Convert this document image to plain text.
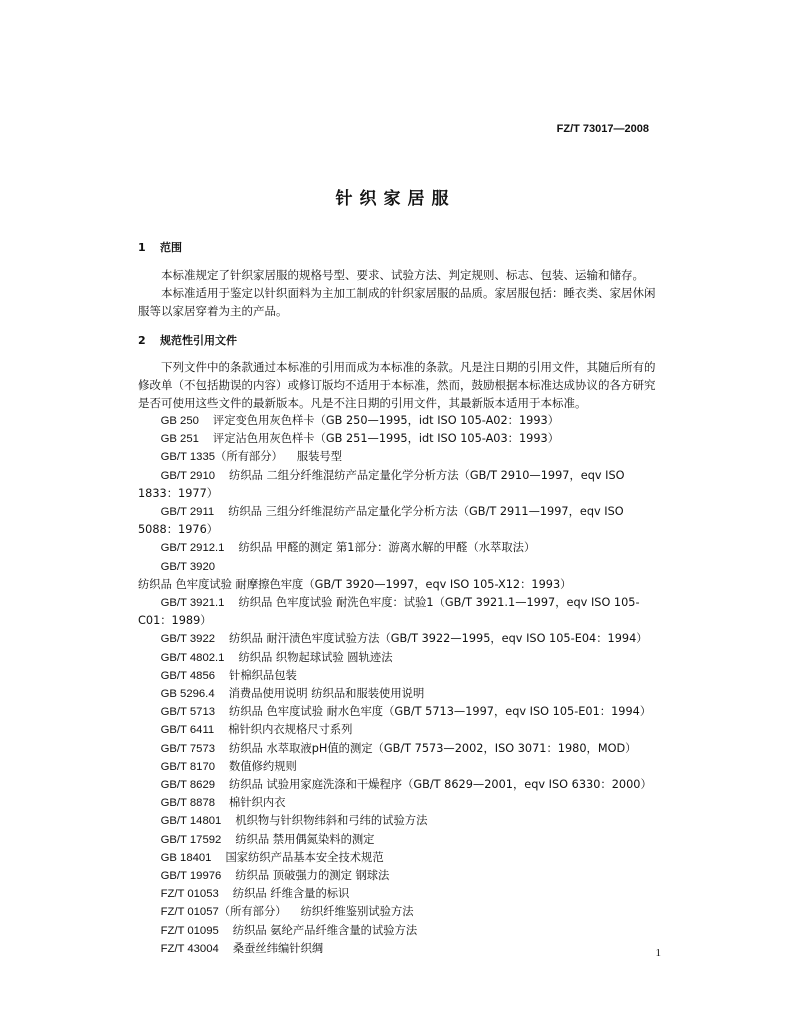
FZ/T 73017—2008
针织家居服
1 范围

本标准规定了针织家居服的规格号型、要求、试验方法、判定规则、标志、包装、运输和储存。

本标准适用于鉴定以针织面料为主加工制成的针织家居服的品质。家居服包括：睡衣类、家居休闲服等以家居穿着为主的产品。

2 规范性引用文件

下列文件中的条款通过本标准的引用而成为本标准的条款。凡是注日期的引用文件，其随后所有的修改单（不包括勘误的内容）或修订版均不适用于本标准，然而，鼓励根据本标准达成协议的各方研究是否可使用这些文件的最新版本。凡是不注日期的引用文件，其最新版本适用于本标准。

GB 250 评定变色用灰色样卡（GB 250—1995，idt ISO 105-A02：1993）
GB 251 评定沾色用灰色样卡（GB 251—1995，idt ISO 105-A03：1993）
GB/T 1335（所有部分） 服装号型
GB/T 2910 纺织品 二组分纤维混纺产品定量化学分析方法（GB/T 2910—1997，eqv ISO 1833：1977）
GB/T 2911 纺织品 三组分纤维混纺产品定量化学分析方法（GB/T 2911—1997，eqv ISO 5088：1976）
GB/T 2912.1 纺织品 甲醛的测定 第1部分：游离水解的甲醛（水萃取法）
GB/T 3920纺织品 色牢度试验 耐摩擦色牢度（GB/T 3920—1997，eqv ISO 105-X12：1993）
GB/T 3921.1 纺织品 色牢度试验 耐洗色牢度：试验1（GB/T 3921.1—1997，eqv ISO 105-C01：1989）
GB/T 3922 纺织品 耐汗渍色牢度试验方法（GB/T 3922—1995，eqv ISO 105-E04：1994）
GB/T 4802.1 纺织品 织物起球试验 圆轨迹法
GB/T 4856 针棉织品包装
GB 5296.4 消费品使用说明 纺织品和服装使用说明
GB/T 5713 纺织品 色牢度试验 耐水色牢度（GB/T 5713—1997，eqv ISO 105-E01：1994）
GB/T 6411 棉针织内衣规格尺寸系列
GB/T 7573 纺织品 水萃取液pH值的测定（GB/T 7573—2002，ISO 3071：1980，MOD）
GB/T 8170 数值修约规则
GB/T 8629 纺织品 试验用家庭洗涤和干燥程序（GB/T 8629—2001，eqv ISO 6330：2000）
GB/T 8878 棉针织内衣
GB/T 14801 机织物与针织物纬斜和弓纬的试验方法
GB/T 17592 纺织品 禁用偶氮染料的测定
GB 18401 国家纺织产品基本安全技术规范
GB/T 19976 纺织品 顶破强力的测定 钢球法
FZ/T 01053 纺织品 纤维含量的标识
FZ/T 01057（所有部分） 纺织纤维鉴别试验方法
FZ/T 01095 纺织品 氨纶产品纤维含量的试验方法
FZ/T 43004 桑蚕丝纬编针织绸	1
